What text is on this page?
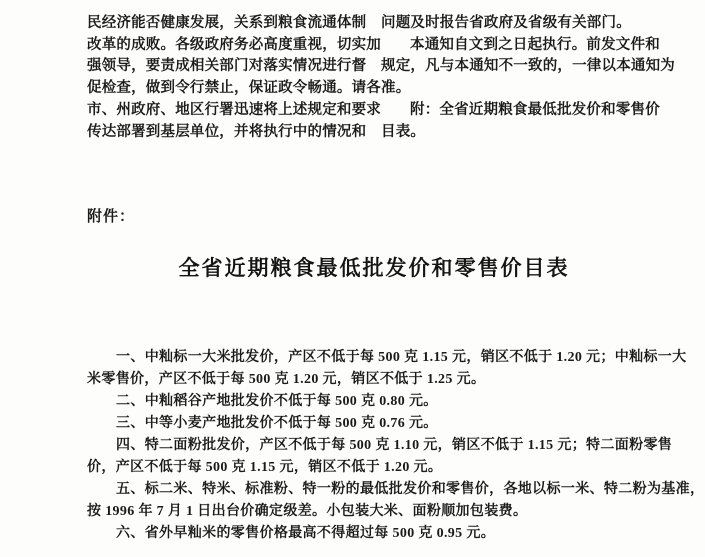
民经济能否健康发展，关系到粮食流通体制
改革的成败。各级政府务必高度重视，切实加
强领导，要责成相关部门对落实情况进行督
促检查，做到令行禁止，保证政令畅通。请各
市、州政府、地区行署迅速将上述规定和要求
传达部署到基层单位，并将执行中的情况和
问题及时报告省政府及省级有关部门。
本通知自文到之日起执行。前发文件和
规定，凡与本通知不一致的，一律以本通知为
准。
附：全省近期粮食最低批发价和零售价
目表。
附件：
全省近期粮食最低批发价和零售价目表
一、中籼标一大米批发价，产区不低于每 500 克 1.15 元，销区不低于 1.20 元；中籼标一大
米零售价，产区不低于每 500 克 1.20 元，销区不低于 1.25 元。
二、中籼稻谷产地批发价不低于每 500 克 0.80 元。
三、中等小麦产地批发价不低于每 500 克 0.76 元。
四、特二面粉批发价，产区不低于每 500 克 1.10 元，销区不低于 1.15 元；特二面粉零售
价，产区不低于每 500 克 1.15 元，销区不低于 1.20 元。
五、标二米、特米、标准粉、特一粉的最低批发价和零售价，各地以标一米、特二粉为基准，
按 1996 年 7 月 1 日出台价确定级差。小包装大米、面粉顺加包装费。
六、省外早籼米的零售价格最高不得超过每 500 克 0.95 元。
